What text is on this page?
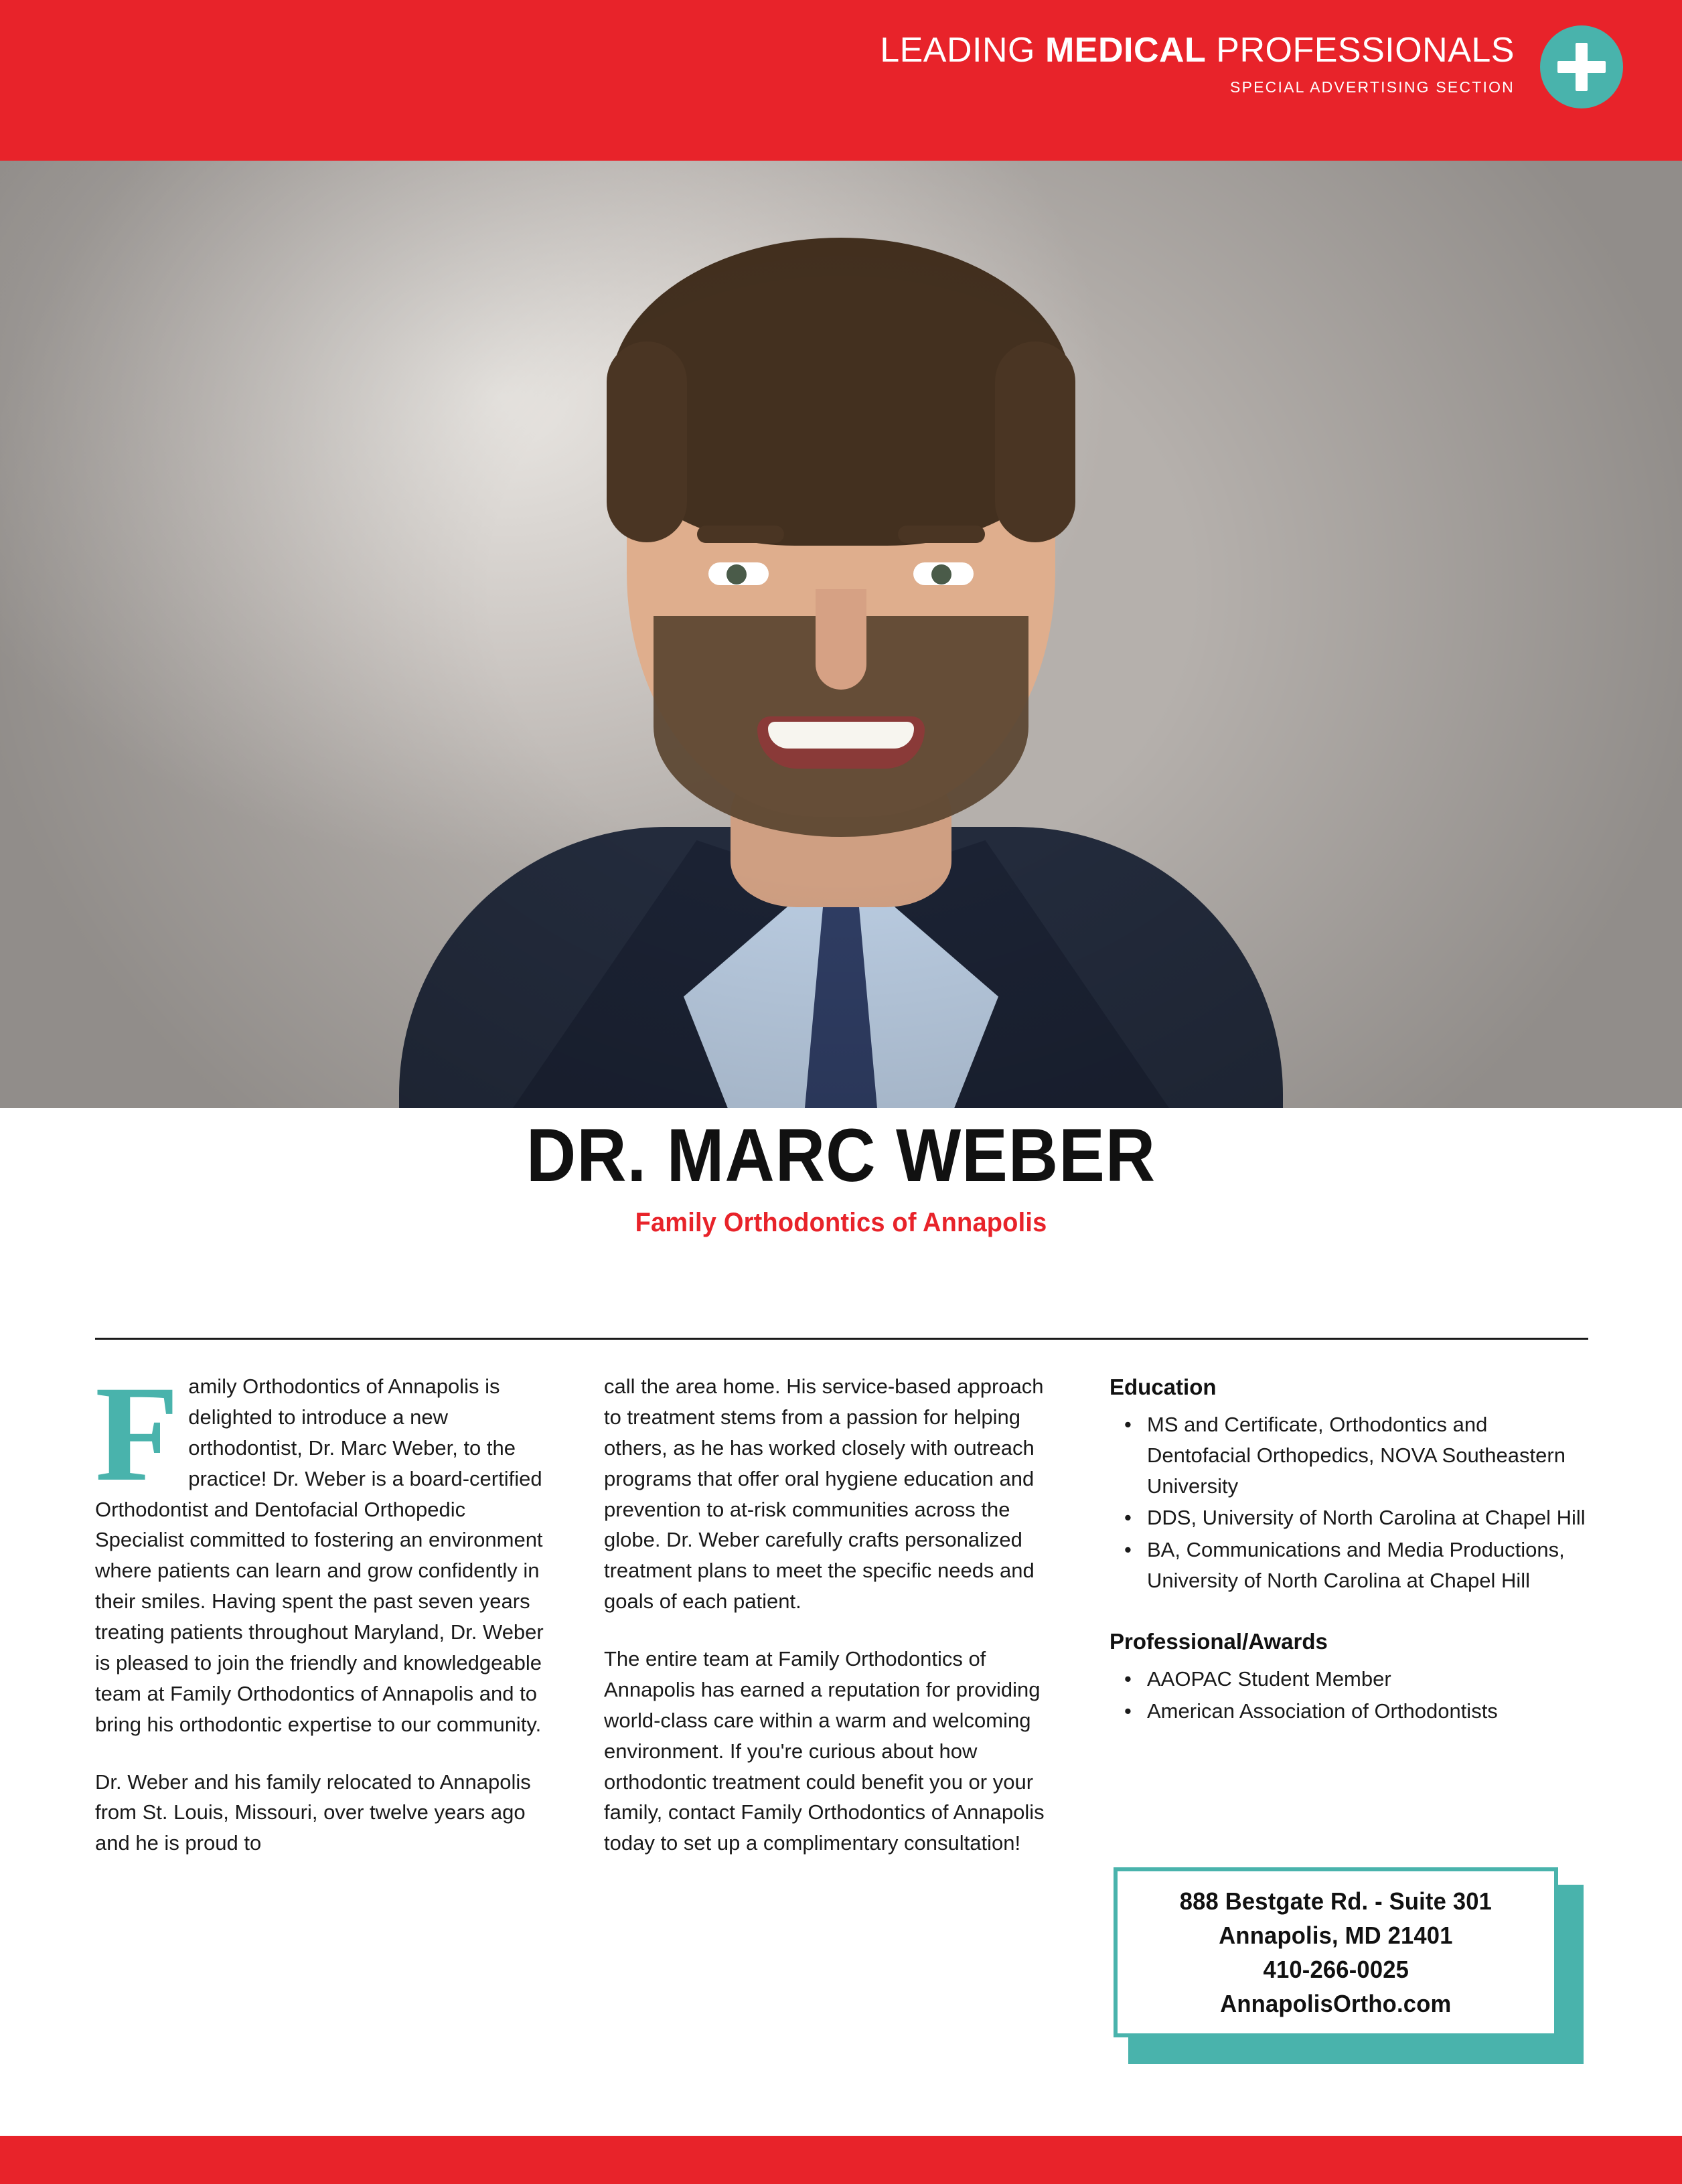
LEADING MEDICAL PROFESSIONALS
SPECIAL ADVERTISING SECTION
DR. MARC WEBER
Family Orthodontics of Annapolis

Family Orthodontics of Annapolis is delighted to introduce a new orthodontist, Dr. Marc Weber, to the practice! Dr. Weber is a board-certified Orthodontist and Dentofacial Orthopedic Specialist committed to fostering an environment where patients can learn and grow confidently in their smiles. Having spent the past seven years treating patients throughout Maryland, Dr. Weber is pleased to join the friendly and knowledgeable team at Family Orthodontics of Annapolis and to bring his orthodontic expertise to our community.

Dr. Weber and his family relocated to Annapolis from St. Louis, Missouri, over twelve years ago and he is proud to

call the area home. His service-based approach to treatment stems from a passion for helping others, as he has worked closely with outreach programs that offer oral hygiene education and prevention to at-risk communities across the globe. Dr. Weber carefully crafts personalized treatment plans to meet the specific needs and goals of each patient.

The entire team at Family Orthodontics of Annapolis has earned a reputation for providing world-class care within a warm and welcoming environment. If you're curious about how orthodontic treatment could benefit you or your family, contact Family Orthodontics of Annapolis today to set up a complimentary consultation!

Education
• MS and Certificate, Orthodontics and Dentofacial Orthopedics, NOVA Southeastern University
• DDS, University of North Carolina at Chapel Hill
• BA, Communications and Media Productions, University of North Carolina at Chapel Hill
Professional/Awards
• AAOPAC Student Member
• American Association of Orthodontists
888 Bestgate Rd. - Suite 301
Annapolis, MD 21401
410-266-0025
AnnapolisOrtho.com
